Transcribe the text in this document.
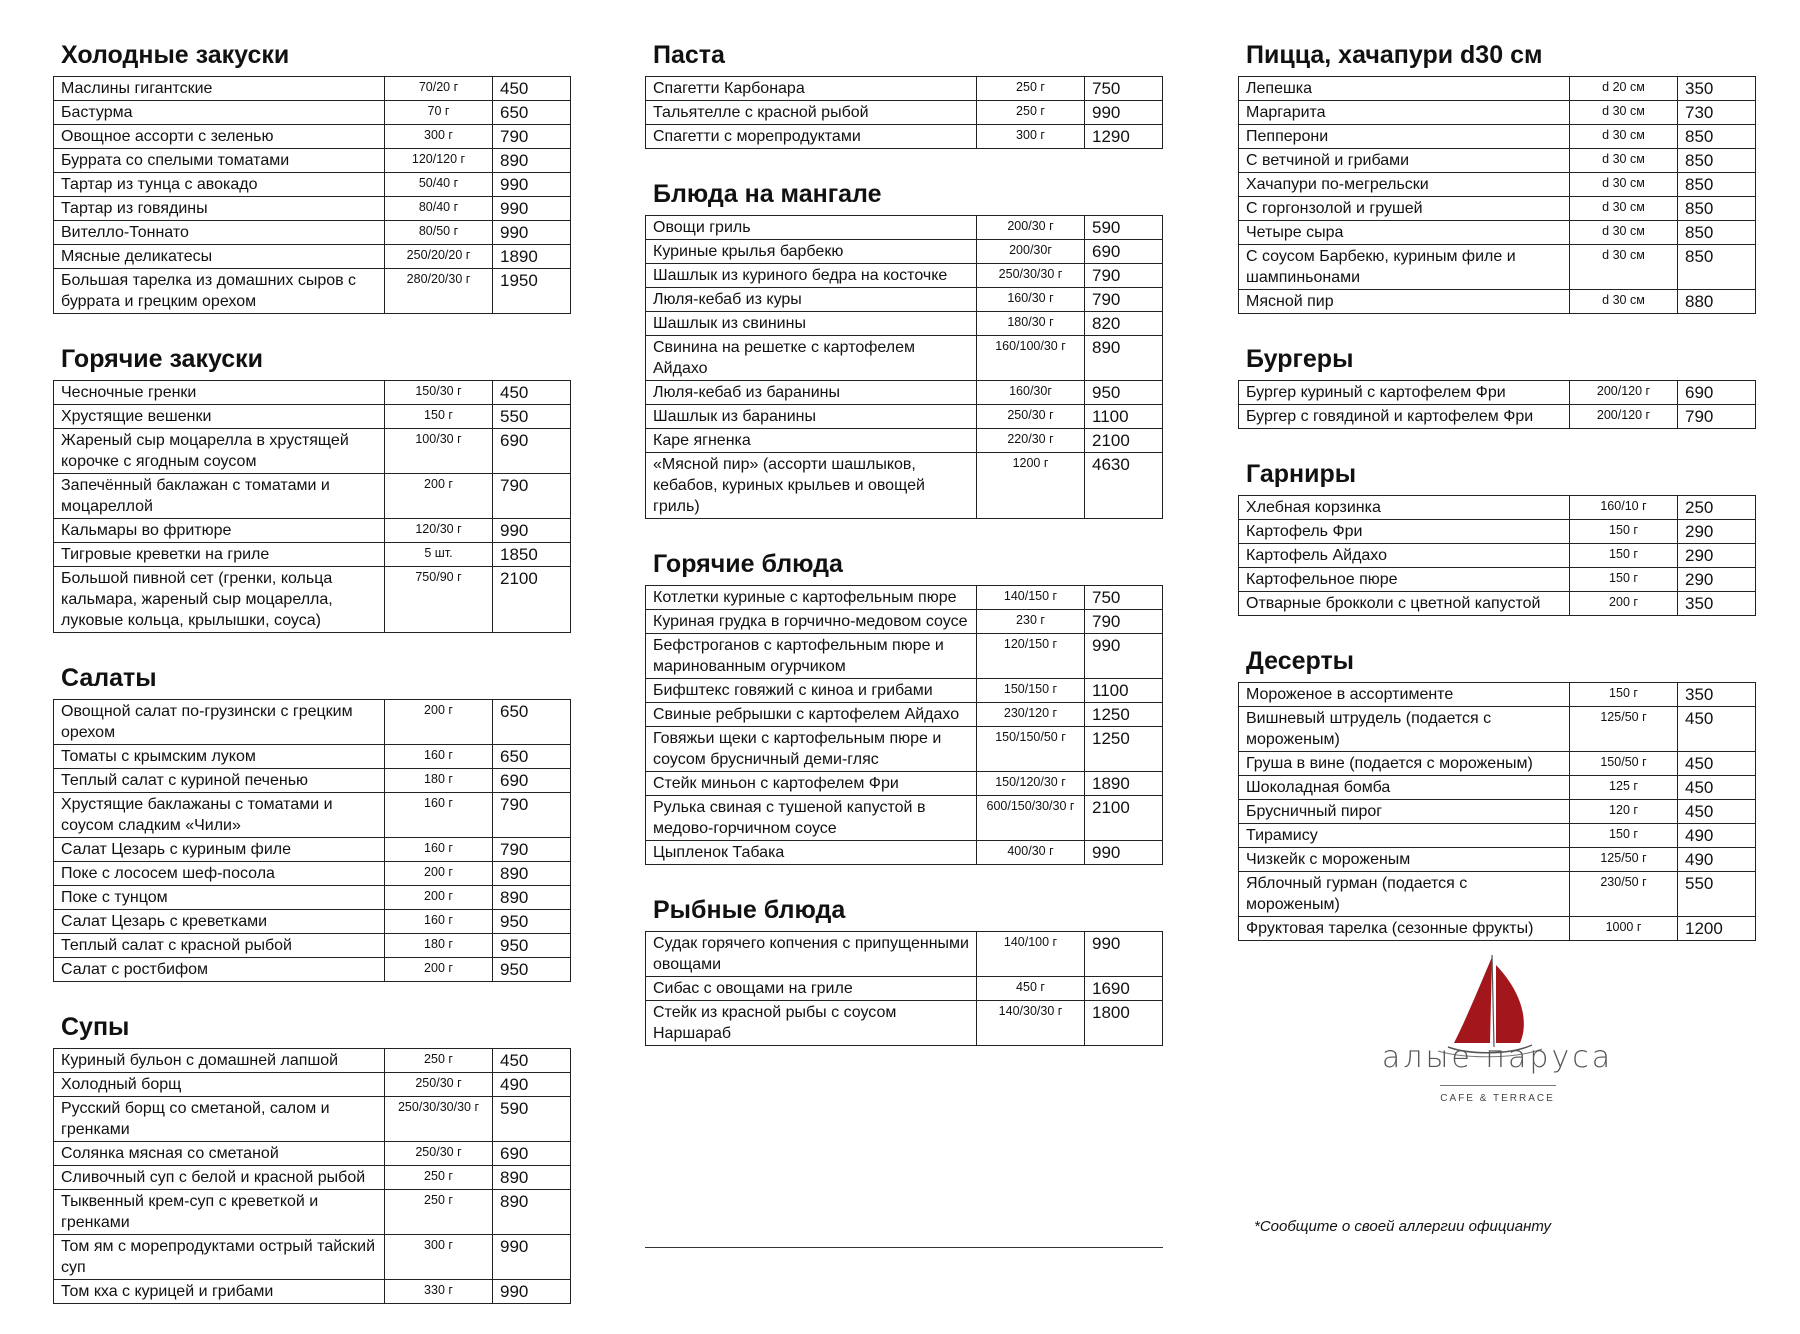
Холодные закуски
Маслины гигантские	70/20 г	450
Бастурма	70 г	650
Овощное ассорти с зеленью	300 г	790
Буррата со спелыми томатами	120/120 г	890
Тартар из тунца с авокадо	50/40 г	990
Тартар из говядины	80/40 г	990
Вителло-Тоннато	80/50 г	990
Мясные деликатесы	250/20/20 г	1890
Большая тарелка из домашних сыров с буррата и грецким орехом	280/20/30 г	1950
Горячие закуски
Чесночные гренки	150/30 г	450
Хрустящие вешенки	150 г	550
Жареный сыр моцарелла в хрустящей корочке с ягодным соусом	100/30 г	690
Запечённый баклажан с томатами и моцареллой	200 г	790
Кальмары во фритюре	120/30 г	990
Тигровые креветки на гриле	5 шт.	1850
Большой пивной сет (гренки, кольца кальмара, жареный сыр моцарелла, луковые кольца, крылышки, соуса)	750/90 г	2100
Салаты
Овощной салат по-грузински с грецким орехом	200 г	650
Томаты с крымским луком	160 г	650
Теплый салат с куриной печенью	180 г	690
Хрустящие баклажаны с томатами и соусом сладким «Чили»	160 г	790
Салат Цезарь с куриным филе	160 г	790
Поке с лососем шеф-посола	200 г	890
Поке с тунцом	200 г	890
Салат Цезарь с креветками	160 г	950
Теплый салат с красной рыбой	180 г	950
Салат с ростбифом	200 г	950
Супы
Куриный бульон с домашней лапшой	250 г	450
Холодный борщ	250/30 г	490
Русский борщ со сметаной, салом и гренками	250/30/30/30 г	590
Солянка мясная со сметаной	250/30 г	690
Сливочный суп с белой и красной рыбой	250 г	890
Тыквенный крем-суп с креветкой и гренками	250 г	890
Том ям с морепродуктами острый тайский суп	300 г	990
Том кха с курицей и грибами	330 г	990
Паста
Спагетти Карбонара	250 г	750
Тальятелле с красной рыбой	250 г	990
Спагетти с морепродуктами	300 г	1290
Блюда на мангале
Овощи гриль	200/30 г	590
Куриные крылья барбекю	200/30г	690
Шашлык из куриного бедра на косточке	250/30/30 г	790
Люля-кебаб из куры	160/30 г	790
Шашлык из свинины	180/30 г	820
Свинина на решетке с картофелем Айдахо	160/100/30 г	890
Люля-кебаб из баранины	160/30г	950
Шашлык из баранины	250/30 г	1100
Каре ягненка	220/30 г	2100
«Мясной пир» (ассорти шашлыков, кебабов, куриных крыльев и овощей гриль)	1200 г	4630
Горячие блюда
Котлетки куриные с картофельным пюре	140/150 г	750
Куриная грудка в горчично-медовом соусе	230 г	790
Бефстроганов с картофельным пюре и маринованным огурчиком	120/150 г	990
Бифштекс говяжий с киноа и грибами	150/150 г	1100
Свиные ребрышки с картофелем Айдахо	230/120 г	1250
Говяжьи щеки с картофельным пюре и соусом брусничный деми-гляс	150/150/50 г	1250
Стейк миньон с картофелем Фри	150/120/30 г	1890
Рулька свиная с тушеной капустой в медово-горчичном соусе	600/150/30/30 г	2100
Цыпленок Табака	400/30 г	990
Рыбные блюда
Судак горячего копчения с припущенными овощами	140/100 г	990
Сибас с овощами на гриле	450 г	1690
Стейк из красной рыбы с соусом Наршараб	140/30/30 г	1800
Пицца, хачапури d30 см
Лепешка	d 20 см	350
Маргарита	d 30 см	730
Пепперони	d 30 см	850
С ветчиной и грибами	d 30 см	850
Хачапури по-мегрельски	d 30 см	850
С горгонзолой и грушей	d 30 см	850
Четыре сыра	d 30 см	850
С соусом Барбекю, куриным филе и шампиньонами	d 30 см	850
Мясной пир	d 30 см	880
Бургеры
Бургер куриный с картофелем Фри	200/120 г	690
Бургер с говядиной и картофелем Фри	200/120 г	790
Гарниры
Хлебная корзинка	160/10 г	250
Картофель Фри	150 г	290
Картофель Айдахо	150 г	290
Картофельное пюре	150 г	290
Отварные брокколи с цветной капустой	200 г	350
Десерты
Мороженое в ассортименте	150 г	350
Вишневый штрудель (подается с мороженым)	125/50 г	450
Груша в вине (подается с мороженым)	150/50 г	450
Шоколадная бомба	125 г	450
Брусничный пирог	120 г	450
Тирамису	150 г	490
Чизкейк с мороженым	125/50 г	490
Яблочный гурман (подается с мороженым)	230/50 г	550
Фруктовая тарелка (сезонные фрукты)	1000 г	1200
алые паруса
CAFE & TERRACE
*Сообщите о своей аллергии официанту
